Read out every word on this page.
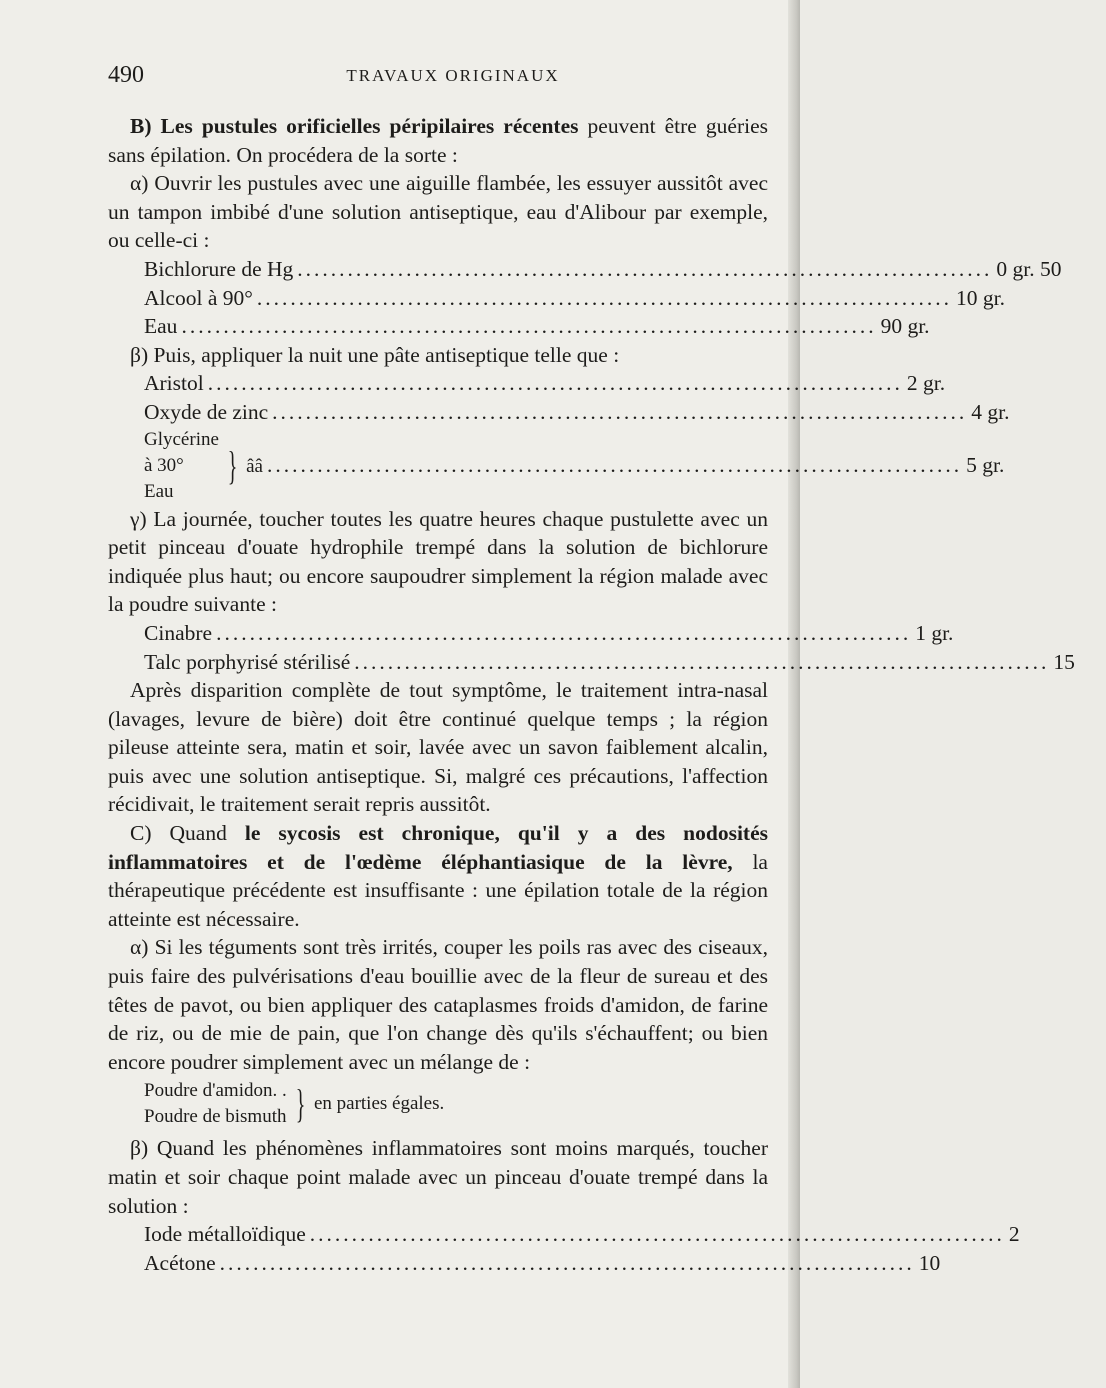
490	TRAVAUX ORIGINAUX

B) Les pustules orificielles péripilaires récentes peuvent être guéries sans épilation. On procédera de la sorte :

α) Ouvrir les pustules avec une aiguille flambée, les essuyer aussitôt avec un tampon imbibé d'une solution antiseptique, eau d'Alibour par exemple, ou celle-ci :

Bichlorure de Hg .....	0 gr. 50
Alcool à 90° .....	10 gr.
Eau .....	90 gr.

β) Puis, appliquer la nuit une pâte antiseptique telle que :

Aristol .....	2 gr.
Oxyde de zinc .....	4 gr.
Glycérine à 30°
Eau
} ââ .....	5 gr.

γ) La journée, toucher toutes les quatre heures chaque pustulette avec un petit pinceau d'ouate hydrophile trempé dans la solution de bichlorure indiquée plus haut; ou encore saupoudrer simplement la région malade avec la poudre suivante :

Cinabre .....	1 gr.
Talc porphyrisé stérilisé .....	15

Après disparition complète de tout symptôme, le traitement intra-nasal (lavages, levure de bière) doit être continué quelque temps ; la région pileuse atteinte sera, matin et soir, lavée avec un savon faiblement alcalin, puis avec une solution antiseptique. Si, malgré ces précautions, l'affection récidivait, le traitement serait repris aussitôt.

C) Quand le sycosis est chronique, qu'il y a des nodosités inflammatoires et de l'œdème éléphantiasique de la lèvre, la thérapeutique précédente est insuffisante : une épilation totale de la région atteinte est nécessaire.

α) Si les téguments sont très irrités, couper les poils ras avec des ciseaux, puis faire des pulvérisations d'eau bouillie avec de la fleur de sureau et des têtes de pavot, ou bien appliquer des cataplasmes froids d'amidon, de farine de riz, ou de mie de pain, que l'on change dès qu'ils s'échauffent; ou bien encore poudrer simplement avec un mélange de :

Poudre d'amidon. .
Poudre de bismuth } en parties égales.

β) Quand les phénomènes inflammatoires sont moins marqués, toucher matin et soir chaque point malade avec un pinceau d'ouate trempé dans la solution :

Iode métalloïdique .....	2
Acétone .....	10
